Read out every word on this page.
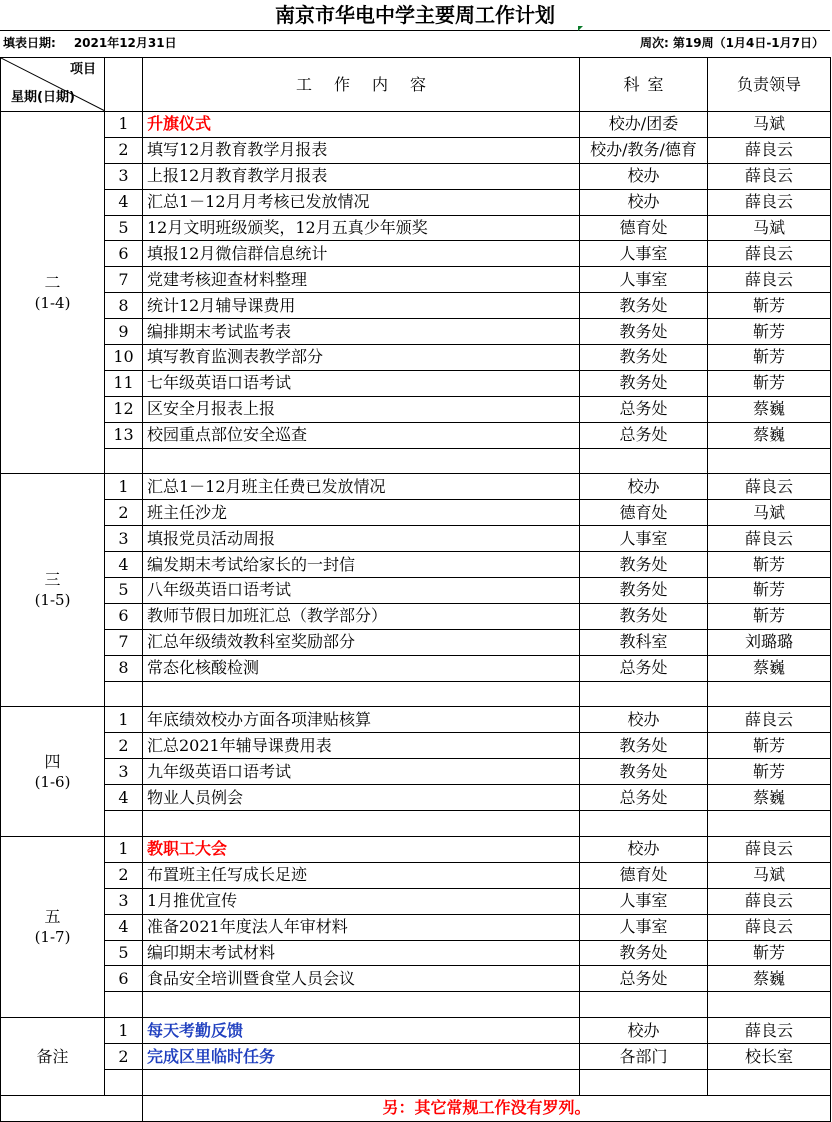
南京市华电中学主要周工作计划
填表日期: 2021年12月31日	周次: 第19周（1月4日-1月7日）
项目
星期(日期)		工作内容	科室	负责领导

二
(1-4)	1	升旗仪式	校办/团委	马斌
	2	填写12月教育教学月报表	校办/教务/德育	薛良云
	3	上报12月教育教学月报表	校办	薛良云
	4	汇总1－12月月考核已发放情况	校办	薛良云
	5	12月文明班级颁奖，12月五真少年颁奖	德育处	马斌
	6	填报12月微信群信息统计	人事室	薛良云
	7	党建考核迎查材料整理	人事室	薛良云
	8	统计12月辅导课费用	教务处	靳芳
	9	编排期末考试监考表	教务处	靳芳
	10	填写教育监测表教学部分	教务处	靳芳
	11	七年级英语口语考试	教务处	靳芳
	12	区安全月报表上报	总务处	蔡巍
	13	校园重点部位安全巡查	总务处	蔡巍

三
(1-5)	1	汇总1－12月班主任费已发放情况	校办	薛良云
	2	班主任沙龙	德育处	马斌
	3	填报党员活动周报	人事室	薛良云
	4	编发期末考试给家长的一封信	教务处	靳芳
	5	八年级英语口语考试	教务处	靳芳
	6	教师节假日加班汇总（教学部分）	教务处	靳芳
	7	汇总年级绩效教科室奖励部分	教科室	刘璐璐
	8	常态化核酸检测	总务处	蔡巍

四
(1-6)	1	年底绩效校办方面各项津贴核算	校办	薛良云
	2	汇总2021年辅导课费用表	教务处	靳芳
	3	九年级英语口语考试	教务处	靳芳
	4	物业人员例会	总务处	蔡巍

五
(1-7)	1	教职工大会	校办	薛良云
	2	布置班主任写成长足迹	德育处	马斌
	3	1月推优宣传	人事室	薛良云
	4	准备2021年度法人年审材料	人事室	薛良云
	5	编印期末考试材料	教务处	靳芳
	6	食品安全培训暨食堂人员会议	总务处	蔡巍

备注	1	每天考勤反馈	校办	薛良云
	2	完成区里临时任务	各部门	校长室

		另：其它常规工作没有罗列。		
